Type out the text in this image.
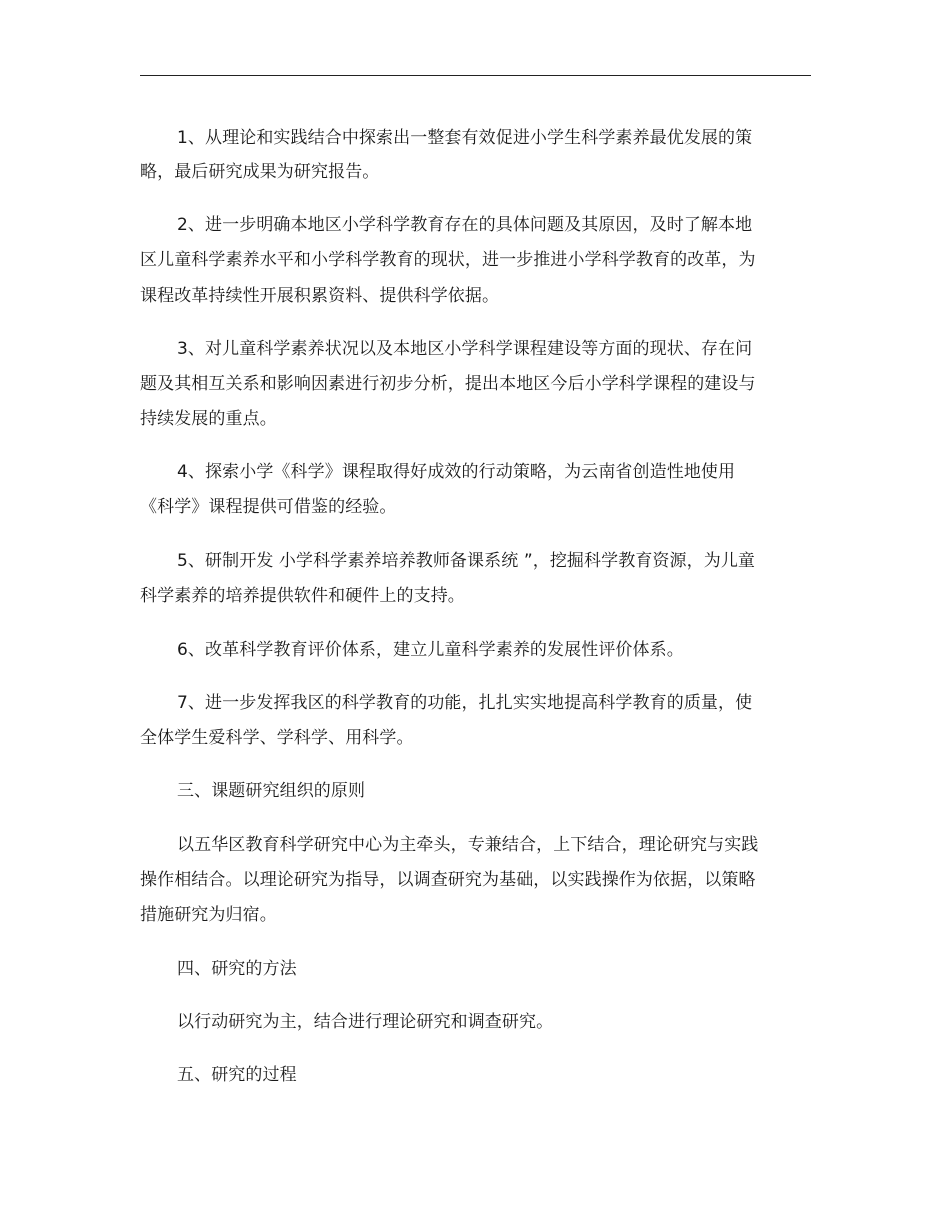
1、从理论和实践结合中探索出一整套有效促进小学生科学素养最优发展的策
略，最后研究成果为研究报告。
2、进一步明确本地区小学科学教育存在的具体问题及其原因，及时了解本地
区儿童科学素养水平和小学科学教育的现状，进一步推进小学科学教育的改革，为
课程改革持续性开展积累资料、提供科学依据。
3、对儿童科学素养状况以及本地区小学科学课程建设等方面的现状、存在问
题及其相互关系和影响因素进行初步分析，提出本地区今后小学科学课程的建设与
持续发展的重点。
4、探索小学《科学》课程取得好成效的行动策略，为云南省创造性地使用
《科学》课程提供可借鉴的经验。
5、研制开发 小学科学素养培养教师备课系统 ”，挖掘科学教育资源，为儿童
科学素养的培养提供软件和硬件上的支持。
6、改革科学教育评价体系，建立儿童科学素养的发展性评价体系。
7、进一步发挥我区的科学教育的功能，扎扎实实地提高科学教育的质量，使
全体学生爱科学、学科学、用科学。
三、课题研究组织的原则
以五华区教育科学研究中心为主牵头，专兼结合，上下结合，理论研究与实践
操作相结合。以理论研究为指导，以调查研究为基础，以实践操作为依据，以策略
措施研究为归宿。
四、研究的方法
以行动研究为主，结合进行理论研究和调查研究。
五、研究的过程
